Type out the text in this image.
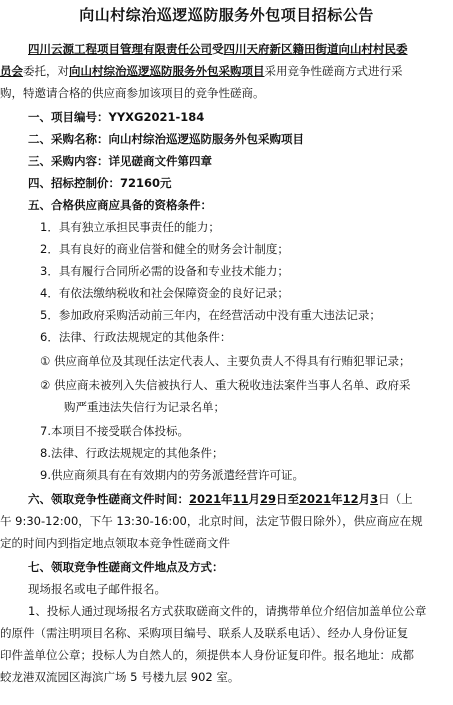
向山村综治巡逻巡防服务外包项目招标公告
四川云源工程项目管理有限责任公司受四川天府新区籍田街道向山村村民委
员会委托，对向山村综治巡逻巡防服务外包采购项目采用竞争性磋商方式进行采
购，特邀请合格的供应商参加该项目的竞争性磋商。
一、项目编号：YYXG2021-184
二、采购名称：向山村综治巡逻巡防服务外包采购项目
三、采购内容：详见磋商文件第四章
四、招标控制价：72160元
五、合格供应商应具备的资格条件：
1．具有独立承担民事责任的能力；
2．具有良好的商业信誉和健全的财务会计制度；
3．具有履行合同所必需的设备和专业技术能力；
4．有依法缴纳税收和社会保障资金的良好记录；
5．参加政府采购活动前三年内，在经营活动中没有重大违法记录；
6．法律、行政法规规定的其他条件：
① 供应商单位及其现任法定代表人、主要负责人不得具有行贿犯罪记录；
② 供应商未被列入失信被执行人、重大税收违法案件当事人名单、政府采
购严重违法失信行为记录名单；
7.本项目不接受联合体投标。
8.法律、行政法规规定的其他条件；
9.供应商须具有在有效期内的劳务派遣经营许可证。
六、领取竞争性磋商文件时间：2021年11月29日至2021年12月3日（上
午 9:30-12:00，下午 13:30-16:00，北京时间，法定节假日除外），供应商应在规
定的时间内到指定地点领取本竞争性磋商文件
七、领取竞争性磋商文件地点及方式：
现场报名或电子邮件报名。
1、投标人通过现场报名方式获取磋商文件的，请携带单位介绍信加盖单位公章
的原件（需注明项目名称、采购项目编号、联系人及联系电话）、经办人身份证复
印件盖单位公章；投标人为自然人的，须提供本人身份证复印件。报名地址：成都
蛟龙港双流园区海滨广场 5 号楼九层 902 室。
